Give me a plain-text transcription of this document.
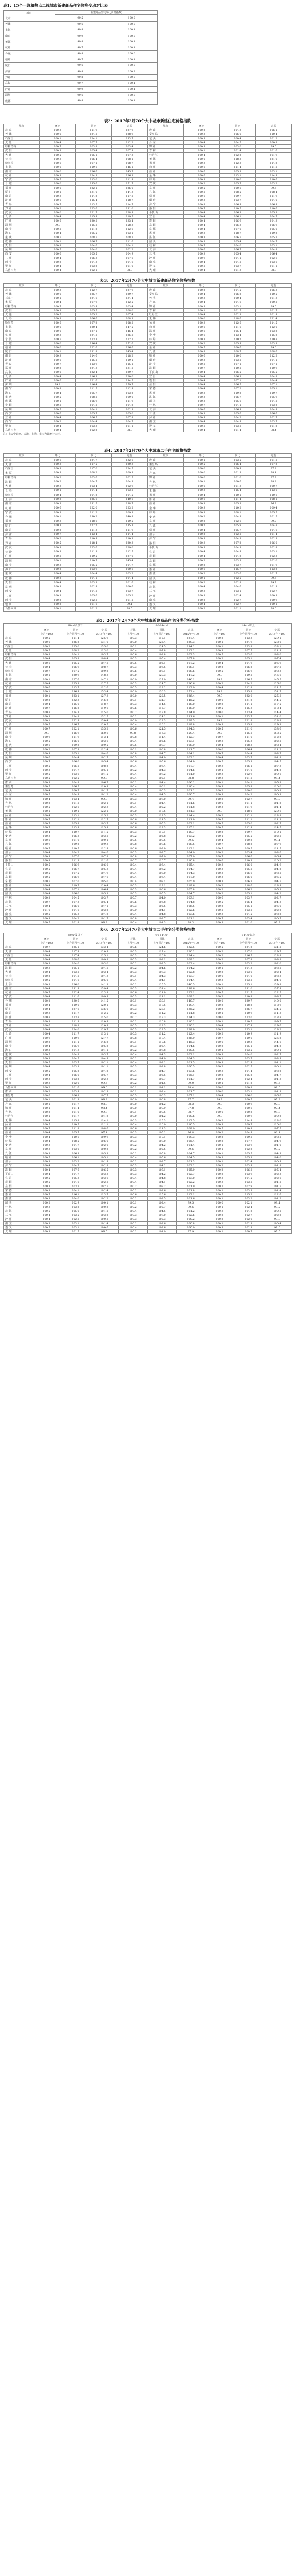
表1：15个一线和热点二线城市新建商品住宅价格变动对比表
城市	新建商品住宅环比价格指数	

北京	99.5	100.0
天津	99.6	100.0
上海	99.8	100.1
南京	99.9	100.0
无锡	99.8	100.1
杭州	99.7	100.1
合肥	99.8	100.0
福州	99.7	100.1
厦门	99.6	100.0
济南	99.8	100.2
郑州	99.8	100.0
武汉	99.7	100.1
广州	99.9	100.1
深圳	99.6	100.0
成都	99.8	100.1
表2：2017年2月70个大中城市新建住宅价格指数
城市	环比	同比	定基	城市	环比	同比	定基
北 京	100.3	111.9	127.9	唐 山	100.2	104.3	106.1
天 津	100.0	124.8	128.9	秦皇岛	100.3	106.0	110.4
石家庄	100.1	124.1	133.7	包 头	100.3	100.4	101.2
太 原	100.4	107.7	112.2	丹 东	100.4	104.5	100.8
呼和浩特	100.7	103.8	103.4	锦 州	100.3	103.0	99.5
沈 阳	100.3	105.4	107.9	吉 林	100.1	101.4	101.6
大 连	100.5	105.1	107.3	牡丹江	100.4	102.2	101.9
长 春	100.3	106.4	108.1	无 锡	100.0	118.3	121.0
哈尔滨	100.6	107.1	108.7	扬 州	100.3	112.3	114.2
上 海	100.0	119.6	146.1	徐 州	100.6	111.4	111.8
南 京	100.0	126.6	145.7	温 州	100.6	105.3	103.1
杭 州	100.3	124.3	126.3	金 华	100.6	113.1	114.9
宁 波	100.5	113.0	111.9	蚌 埠	100.3	110.0	110.6
合 肥	100.0	135.6	151.7	安 庆	100.2	105.7	103.2
福 州	100.0	122.1	126.0	泉 州	100.5	100.6	99.6
厦 门	100.1	131.0	144.3	九 江	100.8	108.5	108.4
南 昌	100.3	114.2	117.8	赣 州	100.6	109.7	111.9
济 南	100.6	115.4	118.7	烟 台	100.3	103.7	104.0
青 岛	100.7	113.5	114.7	济 宁	100.8	106.9	106.9
郑 州	100.2	123.6	131.0	洛 阳	100.7	110.5	110.6
武 汉	100.0	121.7	128.9	平顶山	100.4	106.3	105.3
长 沙	100.4	115.9	119.5	宜 昌	100.4	106.1	104.7
广 州	100.6	120.8	133.4	襄 阳	100.4	106.9	104.3
深 圳	99.8	115.8	158.3	岳 阳	100.4	106.3	106.9
南 宁	100.8	111.2	112.6	常 德	100.4	107.0	105.0
海 口	100.4	105.5	103.1	惠 州	100.3	118.7	119.2
重 庆	100.5	108.5	108.7	湛 江	100.3	106.5	105.7
成 都	100.1	106.7	111.6	韶 关	100.3	105.4	104.7
贵 阳	100.8	104.6	104.1	桂 林	100.7	104.0	103.1
昆 明	100.5	104.0	102.2	北 海	100.6	106.7	104.8
西 安	100.6	105.5	104.9	三 亚	100.3	105.4	106.4
兰 州	100.4	106.3	107.6	泸 州	100.9	104.1	102.6
西 宁	100.2	104.3	104.6	南 充	100.4	104.8	103.6
银 川	100.4	103.2	101.0	遵 义	100.8	103.7	101.1
乌鲁木齐	100.4	102.1	98.9	大 理	100.4	101.3	98.3
表3：2017年2月70个大中城市新建商品住宅价格指数
城市	环比	同比	定基	城市	环比	同比	定基
北 京	100.3	112.7	127.9	唐 山	100.2	104.5	106.3
天 津	100.0	125.7	129.7	秦皇岛	100.4	106.2	110.5
石家庄	100.1	124.6	134.4	包 头	100.3	100.4	101.3
太 原	100.4	107.9	112.5	丹 东	100.4	104.6	100.8
呼和浩特	100.7	103.9	103.4	锦 州	100.3	103.1	99.5
沈 阳	100.3	105.5	108.0	吉 林	100.1	101.5	101.7
大 连	100.5	105.2	107.4	牡丹江	100.4	102.3	101.9
长 春	100.3	106.6	108.3	无 锡	100.0	118.6	121.4
哈尔滨	100.6	107.2	108.8	扬 州	100.3	112.6	114.5
上 海	100.0	120.4	147.5	徐 州	100.6	111.6	112.0
南 京	100.0	127.1	146.4	温 州	100.6	105.4	103.2
杭 州	100.3	124.8	126.8	金 华	100.6	113.4	115.2
宁 波	100.5	113.3	112.1	蚌 埠	100.3	110.2	110.8
合 肥	100.0	136.4	152.6	安 庆	100.2	105.9	103.3
福 州	100.0	122.6	126.6	泉 州	100.5	100.6	99.6
厦 门	100.1	131.8	145.4	九 江	100.8	108.7	108.6
南 昌	100.3	114.6	118.2	赣 州	100.6	110.0	112.2
济 南	100.6	115.8	119.1	烟 台	100.3	103.8	104.1
青 岛	100.7	113.9	115.1	济 宁	100.8	107.1	107.1
郑 州	100.2	124.3	131.8	洛 阳	100.7	110.8	110.9
武 汉	100.0	122.4	129.7	平顶山	100.4	106.5	105.5
长 沙	100.4	116.3	120.0	宜 昌	100.4	106.3	104.8
广 州	100.6	121.6	134.5	襄 阳	100.4	107.1	104.4
深 圳	99.8	116.4	159.7	岳 阳	100.4	106.5	107.1
南 宁	100.8	111.5	112.9	常 德	100.4	107.2	105.1
海 口	100.4	105.7	103.2	惠 州	100.3	119.2	119.7
重 庆	100.5	108.8	109.0	湛 江	100.3	106.7	105.9
成 都	100.1	106.9	111.9	韶 关	100.3	105.6	104.8
贵 阳	100.8	104.8	104.2	桂 林	100.7	104.1	103.2
昆 明	100.5	104.1	102.3	北 海	100.6	106.9	104.9
西 安	100.6	105.7	105.0	三 亚	100.3	105.6	106.6
兰 州	100.4	106.5	107.8	泸 州	100.9	104.2	102.7
西 宁	100.2	104.4	104.7	南 充	100.4	104.9	103.7
银 川	100.4	103.3	101.1	遵 义	100.8	103.8	101.2
乌鲁木齐	100.4	102.2	98.9	大 理	100.4	101.4	98.4
注：上表中北京、天津、上海、重庆为其统计口径。
表4：2017年2月70个大中城市二手住宅价格指数
城市	环比	同比	定基	城市	环比	同比	定基
北 京	100.6	124.7	132.6	唐 山	100.1	103.5	101.8
天 津	100.3	117.5	120.3	秦皇岛	100.5	106.4	107.2
石家庄	100.3	117.0	124.5	包 头	100.0	100.9	97.8
太 原	100.3	108.2	109.3	丹 东	100.0	101.3	98.4
呼和浩特	100.2	103.6	102.5	锦 州	100.0	101.0	97.9
沈 阳	100.2	104.7	104.3	吉 林	100.1	100.6	98.8
大 连	100.3	103.4	102.9	牡丹江	100.0	101.3	100.7
长 春	100.1	104.4	103.8	无 锡	100.3	115.4	113.6
哈尔滨	100.4	104.2	104.5	扬 州	100.4	110.1	110.6
上 海	100.2	125.6	140.6	徐 州	100.6	111.4	108.1
南 京	100.3	131.5	138.7	温 州	100.3	105.3	96.9
杭 州	100.6	122.0	123.2	金 华	100.3	110.2	109.4
宁 波	100.3	111.2	109.3	蚌 埠	100.3	108.1	105.5
合 肥	100.1	130.2	140.8	安 庆	100.2	104.3	101.5
福 州	100.3	118.6	119.5	泉 州	100.2	102.6	99.7
厦 门	100.3	127.2	135.3	九 江	100.2	105.9	104.8
南 昌	100.2	111.3	111.9	赣 州	100.4	105.7	104.6
济 南	100.7	113.4	114.4	烟 台	100.2	102.8	101.4
青 岛	100.2	110.9	110.3	济 宁	100.3	104.3	102.3
郑 州	100.5	118.4	120.3	洛 阳	100.3	107.2	106.0
武 汉	100.3	123.6	129.0	平顶山	100.3	104.3	102.8
长 沙	100.3	111.3	112.5	宜 昌	100.4	104.9	103.1
广 州	100.8	119.5	127.0	襄 阳	100.4	104.2	102.3
深 圳	100.1	110.7	145.4	岳 阳	100.2	103.3	102.0
南 宁	100.3	105.5	104.7	常 德	100.2	103.7	101.9
海 口	100.2	103.9	100.6	惠 州	100.6	115.7	113.2
重 庆	100.4	104.4	103.2	湛 江	100.2	103.6	101.7
成 都	100.2	104.1	104.4	韶 关	100.1	102.5	99.6
贵 阳	100.4	103.3	101.6	桂 林	100.2	102.8	99.7
昆 明	100.3	102.9	100.6	北 海	100.4	104.6	101.3
西 安	100.4	104.8	103.7	三 亚	100.3	103.1	102.7
兰 州	100.3	105.6	105.2	泸 州	100.3	102.4	100.3
西 宁	100.2	102.8	101.8	南 充	100.2	102.7	100.9
银 川	100.2	101.6	99.1	遵 义	100.4	102.7	100.1
乌鲁木齐	100.1	101.2	98.5	大 理	100.2	101.1	98.0
表5：2017年2月70个大中城市新建商品住宅分类价格指数
	90m²及以下			90-144m²			144m²以上		
	环比	同比	定基	环比	同比	定基	环比	同比	定基
	上月=100	上年同月=100	2015年=100	上月=100	上年同月=100	2015年=100	上月=100	上年同月=100	2015年=100
北 京	100.5	111.4	125.9	100.3	112.1	127.4	100.2	113.3	129.1
天 津	100.0	126.2	131.0	100.0	125.4	129.3	100.1	124.9	128.0
石家庄	100.2	125.0	135.0	100.1	124.5	134.2	100.1	123.8	133.1
太 原	100.5	108.2	113.0	100.4	107.8	112.2	100.3	107.5	111.9
呼和浩特	100.8	104.1	103.7	100.6	103.8	103.3	100.5	103.6	103.0
沈 阳	100.4	105.8	108.4	100.3	105.4	107.8	100.2	105.1	107.4
大 连	100.6	105.5	107.8	100.5	105.1	107.2	100.4	104.9	106.9
长 春	100.4	106.9	108.7	100.3	106.5	108.1	100.2	106.2	107.8
哈尔滨	100.7	107.5	109.2	100.6	107.1	108.6	100.5	106.9	108.3
上 海	100.1	120.9	148.3	100.0	120.3	147.2	99.9	119.8	146.6
南 京	100.1	127.6	147.1	100.0	127.0	146.1	99.9	126.5	145.5
杭 州	100.4	125.3	127.5	100.3	124.7	126.6	100.2	124.2	126.0
宁 波	100.6	113.7	112.6	100.5	113.2	112.0	100.4	112.8	111.5
合 肥	100.1	136.9	153.4	100.0	136.3	152.4	99.9	135.8	151.7
福 州	100.1	123.1	127.3	100.0	122.5	126.4	99.9	122.0	125.8
厦 门	100.2	132.3	146.2	100.1	131.7	145.2	100.0	131.2	144.5
南 昌	100.4	115.0	118.7	100.3	114.5	118.0	100.2	114.1	117.5
济 南	100.7	116.2	119.6	100.6	115.7	118.9	100.5	115.3	118.4
青 岛	100.8	114.3	115.6	100.7	113.8	114.9	100.6	113.4	114.4
郑 州	100.3	124.8	132.5	100.2	124.2	131.6	100.1	123.7	131.0
武 汉	100.1	122.9	130.4	100.0	122.3	129.5	99.9	121.8	128.8
长 沙	100.5	116.7	120.5	100.4	116.2	119.8	100.3	115.8	119.3
广 州	100.7	122.1	135.2	100.6	121.5	134.3	100.5	121.0	133.6
深 圳	99.9	116.9	160.6	99.8	116.3	159.4	99.7	115.8	158.5
南 宁	100.9	111.9	113.4	100.8	111.4	112.7	100.7	111.0	112.2
海 口	100.5	106.0	103.6	100.4	105.6	103.1	100.3	105.3	102.8
重 庆	100.6	109.2	109.5	100.5	108.7	108.9	100.4	108.3	108.4
成 都	100.2	107.3	112.4	100.1	106.8	111.7	100.0	106.4	111.2
贵 阳	100.9	105.1	104.6	100.8	104.7	104.1	100.7	104.4	103.7
昆 明	100.6	104.4	102.7	100.5	104.0	102.2	100.4	103.7	101.8
西 安	100.7	106.0	105.4	100.6	105.6	104.9	100.5	105.3	104.5
兰 州	100.5	106.8	108.2	100.4	106.4	107.7	100.3	106.1	107.3
西 宁	100.3	104.7	105.1	100.2	104.3	104.6	100.1	104.0	104.2
银 川	100.5	103.6	101.5	100.4	103.2	101.0	100.3	102.9	100.6
乌鲁木齐	100.5	102.5	99.3	100.4	102.1	98.8	100.3	101.8	98.4
唐 山	100.3	104.8	106.7	100.2	104.4	106.2	100.1	104.1	105.8
秦皇岛	100.5	106.5	110.9	100.4	106.1	110.4	100.3	105.8	110.0
包 头	100.4	100.7	101.7	100.3	100.3	101.2	100.2	100.0	100.8
丹 东	100.5	104.9	101.2	100.4	104.5	100.7	100.3	104.2	100.3
锦 州	100.4	103.4	99.9	100.3	103.0	99.4	100.2	102.7	99.0
吉 林	100.2	101.8	102.1	100.1	101.4	101.6	100.0	101.1	101.2
牡丹江	100.5	102.6	102.3	100.4	102.2	101.8	100.3	101.9	101.4
无 锡	100.1	119.1	122.1	100.0	118.5	121.3	99.9	118.0	120.6
扬 州	100.4	113.1	115.2	100.3	112.5	114.4	100.2	112.1	113.8
徐 州	100.7	112.1	112.7	100.6	111.5	111.9	100.5	111.1	111.3
温 州	100.7	105.8	103.7	100.6	105.3	103.1	100.5	105.0	102.7
金 华	100.7	113.9	115.9	100.6	113.3	115.1	100.5	112.9	114.5
蚌 埠	100.4	110.7	111.5	100.3	110.1	110.7	100.2	109.7	110.1
安 庆	100.3	106.3	103.8	100.2	105.8	103.2	100.1	105.5	102.8
泉 州	100.6	101.0	100.1	100.5	100.5	99.5	100.4	100.2	99.1
九 江	100.9	109.2	109.3	100.8	108.6	108.5	100.7	108.2	107.9
赣 州	100.7	110.5	112.9	100.6	109.9	112.1	100.5	109.5	111.5
烟 台	100.4	104.2	104.6	100.3	103.7	104.0	100.2	103.4	103.6
济 宁	100.9	107.6	107.8	100.8	107.0	107.0	100.7	106.6	106.4
洛 阳	100.8	111.3	111.6	100.7	110.7	110.8	100.6	110.3	110.2
平顶山	100.5	106.9	106.0	100.4	106.4	105.4	100.3	106.0	104.9
宜 昌	100.5	106.7	105.3	100.4	106.2	104.7	100.3	105.8	104.2
襄 阳	100.5	107.5	104.9	100.4	107.0	104.3	100.3	106.6	103.8
岳 阳	100.5	106.9	107.6	100.4	106.4	107.0	100.3	106.0	106.5
常 德	100.5	107.6	105.6	100.4	107.1	105.0	100.3	106.7	104.5
惠 州	100.4	119.7	120.4	100.3	119.1	119.6	100.2	118.6	118.9
湛 江	100.4	107.1	106.4	100.3	106.6	105.8	100.2	106.2	105.3
韶 关	100.4	106.0	105.3	100.3	105.5	104.7	100.2	105.1	104.2
桂 林	100.8	104.5	103.7	100.7	104.0	103.1	100.6	103.7	102.7
北 海	100.7	107.3	105.4	100.6	106.8	104.8	100.5	106.4	104.3
三 亚	100.4	106.0	107.1	100.3	105.5	106.5	100.2	105.1	106.0
泸 州	101.0	104.6	103.2	100.9	104.1	102.6	100.8	103.8	102.2
南 充	100.5	105.3	104.2	100.4	104.8	103.6	100.3	104.5	103.2
遵 义	100.9	104.2	101.7	100.8	103.7	101.1	100.7	103.4	100.7
大 理	100.5	101.8	98.9	100.4	101.3	98.3	100.3	101.0	97.9
表6：2017年2月70个大中城市二手住宅分类价格指数
	90m²及以下			90-144m²			144m²以上		
	环比	同比	定基	环比	同比	定基	环比	同比	定基
	上月=100	上年同月=100	2015年=100	上月=100	上年同月=100	2015年=100	上月=100	上年同月=100	2015年=100
北 京	100.7	125.1	133.4	100.6	124.6	132.5	100.5	124.2	131.8
天 津	100.4	117.9	120.9	100.3	117.4	120.2	100.2	117.0	119.7
石家庄	100.4	117.4	125.1	100.3	116.9	124.4	100.2	116.5	123.8
太 原	100.4	108.6	109.8	100.3	108.1	109.2	100.2	107.8	108.8
呼和浩特	100.3	104.0	103.0	100.2	103.5	102.4	100.1	103.2	102.0
沈 阳	100.3	105.1	104.8	100.2	104.6	104.2	100.1	104.3	103.8
大 连	100.4	103.8	103.4	100.3	103.3	102.8	100.2	103.0	102.4
长 春	100.2	104.8	104.3	100.1	104.3	103.7	100.0	104.0	103.3
哈尔滨	100.5	104.6	105.0	100.4	104.1	104.4	100.3	103.8	104.0
上 海	100.3	126.0	141.3	100.2	125.5	140.5	100.1	125.1	139.8
南 京	100.4	131.9	139.4	100.3	131.4	138.6	100.2	131.0	137.9
杭 州	100.7	122.4	123.9	100.6	121.9	123.1	100.5	121.5	122.5
宁 波	100.4	111.6	109.9	100.3	111.1	109.2	100.2	110.8	108.7
合 肥	100.2	130.6	141.5	100.1	130.1	140.7	100.0	129.7	140.0
福 州	100.4	119.0	120.1	100.3	118.5	119.4	100.2	118.2	118.9
厦 门	100.4	127.6	136.0	100.3	127.1	135.2	100.2	126.7	134.5
南 昌	100.3	111.7	112.5	100.2	111.2	111.8	100.1	110.9	111.3
济 南	100.8	113.8	115.0	100.7	113.3	114.3	100.6	113.0	113.8
青 岛	100.3	111.3	110.9	100.2	110.8	110.2	100.1	110.5	109.7
郑 州	100.6	118.8	120.9	100.5	118.3	120.2	100.4	117.9	119.6
武 汉	100.4	124.0	129.7	100.3	123.5	128.9	100.2	123.1	128.2
长 沙	100.4	111.7	113.1	100.3	111.2	112.4	100.2	110.9	111.9
广 州	100.9	119.9	127.7	100.8	119.4	126.9	100.7	119.0	126.2
深 圳	100.2	111.1	146.2	100.1	110.6	145.3	100.0	110.3	144.6
南 宁	100.4	105.9	105.2	100.3	105.4	104.6	100.2	105.1	104.2
海 口	100.3	104.3	101.1	100.2	103.8	100.5	100.1	103.5	100.1
重 庆	100.5	104.8	103.7	100.4	104.3	103.1	100.3	104.0	102.7
成 都	100.3	104.5	104.9	100.2	104.0	104.3	100.1	103.7	103.9
贵 阳	100.5	103.7	102.1	100.4	103.2	101.5	100.3	102.9	101.1
昆 明	100.4	103.3	101.1	100.3	102.8	100.5	100.2	102.5	100.1
西 安	100.5	105.2	104.2	100.4	104.7	103.6	100.3	104.4	103.2
兰 州	100.4	106.0	105.7	100.3	105.5	105.1	100.2	105.2	104.7
西 宁	100.3	103.2	102.3	100.2	102.7	101.7	100.1	102.4	101.3
银 川	100.3	102.0	99.6	100.2	101.5	99.0	100.1	101.2	98.6
乌鲁木齐	100.2	101.6	99.0	100.1	101.1	98.4	100.0	100.8	98.0
唐 山	100.2	103.9	102.3	100.1	103.4	101.7	100.0	103.1	101.3
秦皇岛	100.6	106.8	107.7	100.5	106.3	107.1	100.4	106.0	106.6
包 头	100.1	101.3	98.3	100.0	100.8	97.7	99.9	100.5	97.3
丹 东	100.1	101.7	98.9	100.0	101.2	98.3	99.9	100.9	97.9
锦 州	100.1	101.4	98.4	100.0	100.9	97.8	99.9	100.6	97.4
吉 林	100.2	101.0	99.3	100.1	100.5	98.7	100.0	100.2	98.3
牡丹江	100.1	101.7	101.2	100.0	101.2	100.6	99.9	100.9	100.2
无 锡	100.4	115.8	114.1	100.3	115.3	113.5	100.2	114.9	113.0
扬 州	100.5	110.5	111.1	100.4	110.0	110.5	100.3	109.7	110.0
徐 州	100.7	111.8	108.6	100.6	111.3	108.0	100.5	110.9	107.5
温 州	100.4	105.7	97.4	100.3	105.2	96.8	100.2	104.9	96.4
金 华	100.4	110.6	109.9	100.3	110.1	109.3	100.2	109.8	108.8
蚌 埠	100.4	108.5	106.0	100.3	108.0	105.4	100.2	107.7	104.9
安 庆	100.3	104.7	102.0	100.2	104.2	101.4	100.1	103.9	101.0
泉 州	100.3	103.0	100.2	100.2	102.5	99.6	100.1	102.2	99.2
九 江	100.3	106.3	105.3	100.2	105.8	104.7	100.1	105.5	104.3
赣 州	100.5	106.1	105.1	100.4	105.6	104.5	100.3	105.3	104.0
烟 台	100.3	103.2	101.9	100.2	102.7	101.3	100.1	102.4	100.9
济 宁	100.4	104.7	102.8	100.3	104.2	102.2	100.2	103.9	101.8
洛 阳	100.4	107.6	106.5	100.3	107.1	105.9	100.2	106.8	105.4
平顶山	100.4	104.7	103.3	100.3	104.2	102.7	100.2	103.9	102.3
宜 昌	100.5	105.3	103.6	100.4	104.8	103.0	100.3	104.5	102.6
襄 阳	100.5	104.6	102.8	100.4	104.1	102.2	100.3	103.8	101.8
岳 阳	100.3	103.7	102.5	100.2	103.2	101.9	100.1	102.9	101.5
常 德	100.3	104.1	102.4	100.2	103.6	101.8	100.1	103.3	101.4
惠 州	100.7	116.1	113.7	100.6	115.6	113.1	100.5	115.2	112.6
湛 江	100.3	104.0	102.2	100.2	103.5	101.6	100.1	103.2	101.2
韶 关	100.2	102.9	100.1	100.1	102.4	99.5	100.0	102.1	99.1
桂 林	100.3	103.2	100.2	100.2	102.7	99.6	100.1	102.4	99.2
北 海	100.5	105.0	101.8	100.4	104.5	101.2	100.3	104.2	100.8
三 亚	100.4	103.5	103.2	100.3	103.0	102.6	100.2	102.7	102.2
泸 州	100.4	102.8	100.8	100.3	102.3	100.2	100.2	102.0	99.8
南 充	100.3	103.1	101.4	100.2	102.6	100.8	100.1	102.3	100.4
遵 义	100.5	103.1	100.6	100.4	102.6	100.0	100.3	102.3	99.6
大 理	100.3	101.5	98.5	100.2	101.0	97.9	100.1	100.7	97.5
